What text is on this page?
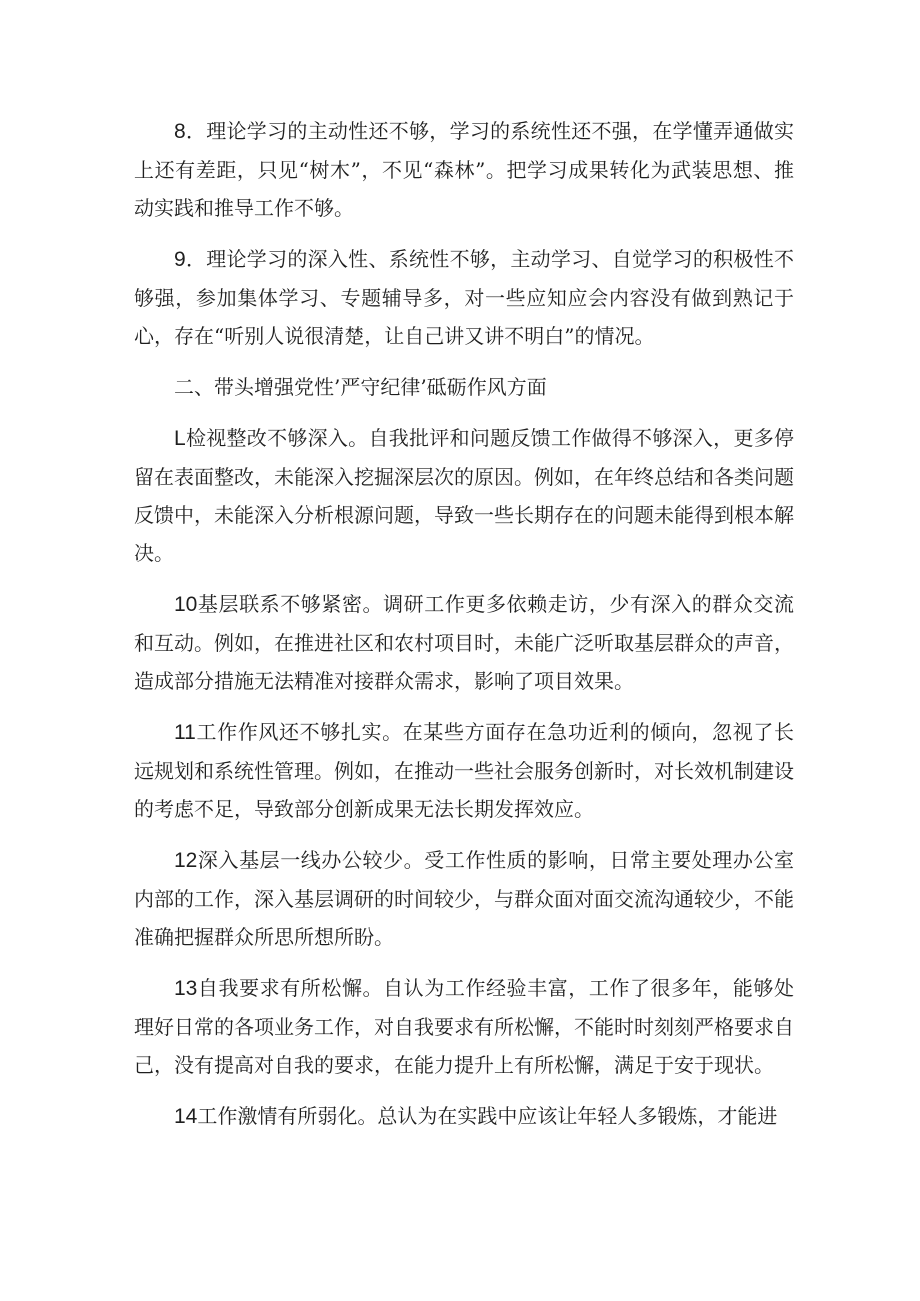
8．理论学习的主动性还不够，学习的系统性还不强，在学懂弄通做实上还有差距，只见“树木”，不见“森林”。把学习成果转化为武装思想、推动实践和推导工作不够。

9．理论学习的深入性、系统性不够，主动学习、自觉学习的积极性不够强，参加集体学习、专题辅导多，对一些应知应会内容没有做到熟记于心，存在“听别人说很清楚，让自己讲又讲不明白”的情况。

二、带头增强党性’严守纪律’砥砺作风方面

L检视整改不够深入。自我批评和问题反馈工作做得不够深入，更多停留在表面整改，未能深入挖掘深层次的原因。例如，在年终总结和各类问题反馈中，未能深入分析根源问题，导致一些长期存在的问题未能得到根本解决。

10基层联系不够紧密。调研工作更多依赖走访，少有深入的群众交流和互动。例如，在推进社区和农村项目时，未能广泛听取基层群众的声音，造成部分措施无法精准对接群众需求，影响了项目效果。

11工作作风还不够扎实。在某些方面存在急功近利的倾向，忽视了长远规划和系统性管理。例如，在推动一些社会服务创新时，对长效机制建设的考虑不足，导致部分创新成果无法长期发挥效应。

12深入基层一线办公较少。受工作性质的影响，日常主要处理办公室内部的工作，深入基层调研的时间较少，与群众面对面交流沟通较少，不能准确把握群众所思所想所盼。

13自我要求有所松懈。自认为工作经验丰富，工作了很多年，能够处理好日常的各项业务工作，对自我要求有所松懈，不能时时刻刻严格要求自己，没有提高对自我的要求，在能力提升上有所松懈，满足于安于现状。

14工作激情有所弱化。总认为在实践中应该让年轻人多锻炼，才能进
